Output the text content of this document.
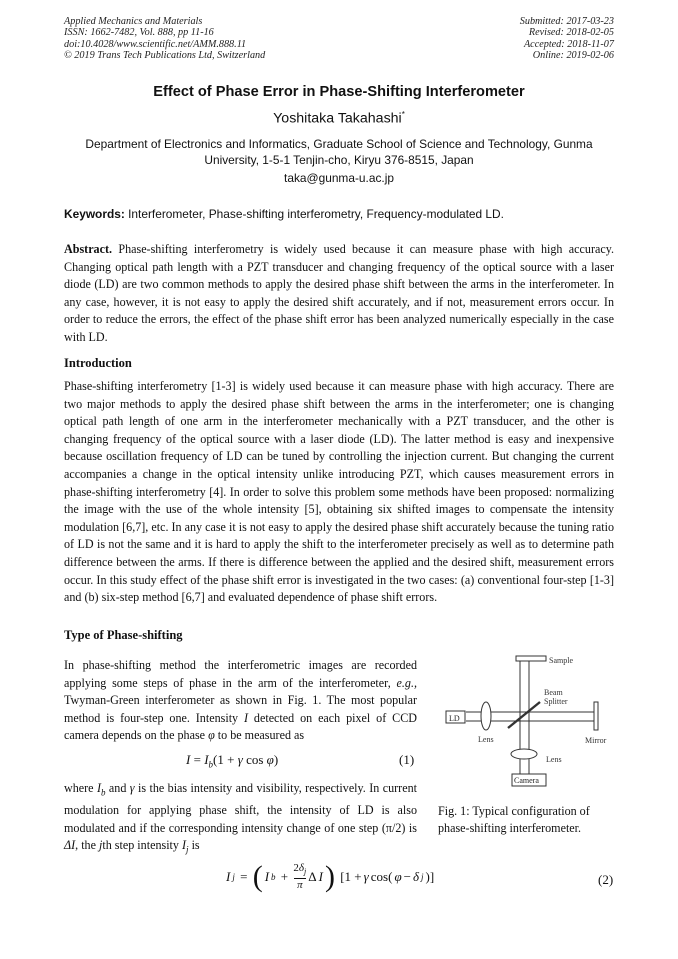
Applied Mechanics and Materials
ISSN: 1662-7482, Vol. 888, pp 11-16
doi:10.4028/www.scientific.net/AMM.888.11
© 2019 Trans Tech Publications Ltd, Switzerland
Submitted: 2017-03-23
Revised: 2018-02-05
Accepted: 2018-11-07
Online: 2019-02-06
Effect of Phase Error in Phase-Shifting Interferometer
Yoshitaka Takahashi*
Department of Electronics and Informatics, Graduate School of Science and Technology, Gunma University, 1-5-1 Tenjin-cho, Kiryu 376-8515, Japan
taka@gunma-u.ac.jp
Keywords: Interferometer, Phase-shifting interferometry, Frequency-modulated LD.
Abstract. Phase-shifting interferometry is widely used because it can measure phase with high accuracy. Changing optical path length with a PZT transducer and changing frequency of the optical source with a laser diode (LD) are two common methods to apply the desired phase shift between the arms in the interferometer. In any case, however, it is not easy to apply the desired shift accurately, and if not, measurement errors occur. In order to reduce the errors, the effect of the phase shift error has been analyzed numerically especially in the case with LD.
Introduction
Phase-shifting interferometry [1-3] is widely used because it can measure phase with high accuracy. There are two major methods to apply the desired phase shift between the arms in the interferometer; one is changing optical path length of one arm in the interferometer mechanically with a PZT transducer, and the other is changing frequency of the optical source with a laser diode (LD). The latter method is easy and inexpensive because oscillation frequency of LD can be tuned by controlling the injection current. But changing the current accompanies a change in the optical intensity unlike introducing PZT, which causes measurement errors in phase-shifting interferometry [4]. In order to solve this problem some methods have been proposed: normalizing the image with the use of the whole intensity [5], obtaining six shifted images to compensate the intensity modulation [6,7], etc. In any case it is not easy to apply the desired phase shift accurately because the tuning ratio of LD is not the same and it is hard to apply the shift to the interferometer precisely as well as to determine path difference between the arms. If there is difference between the applied and the desired shift, measurement errors occur. In this study effect of the phase shift error is investigated in the two cases: (a) conventional four-step [1-3] and (b) six-step method [6,7] and evaluated dependence of phase shift errors.
Type of Phase-shifting
In phase-shifting method the interferometric images are recorded applying some steps of phase in the arm of the interferometer, e.g., Twyman-Green interferometer as shown in Fig. 1. The most popular method is four-step one. Intensity I detected on each pixel of CCD camera depends on the phase φ to be measured as
$I = I_b(1 + \gamma$ cos φ)	(1)
where $I_b$ and γ is the bias intensity and visibility, respectively. In current modulation for applying phase shift, the intensity of LD is also modulated and if the corresponding intensity change of one step (π/2) is ΔI, the jth step intensity $I_j$ is
I j = ( I b +
$2\delta_j$
π
Δ I ) [1 + γ cos( φ − δ j )]	(2)
Sample
LD
Lens
Beam
Splitter
Mirror
Lens
Camera
Fig. 1: Typical configuration of phase-shifting interferometer.
